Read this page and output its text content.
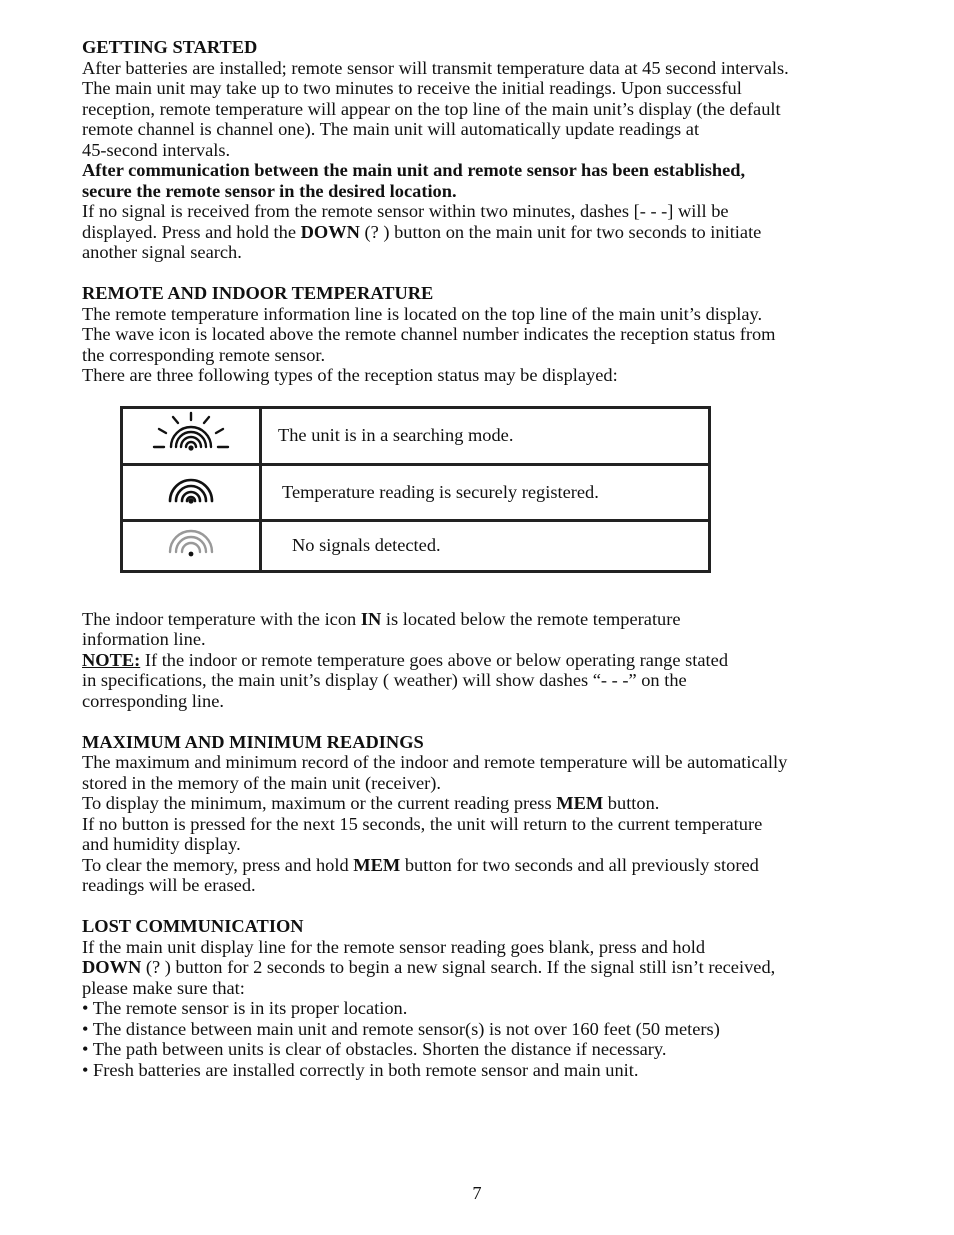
GETTING STARTED

After batteries are installed; remote sensor will transmit temperature data at 45 second intervals.

The main unit may take up to two minutes to receive the initial readings. Upon successful

reception, remote temperature will appear on the top line of the main unit’s display (the default

remote channel is channel one). The main unit will automatically update readings at

45-second intervals.

After communication between the main unit and remote sensor has been established,

secure the remote sensor in the desired location.

If no signal is received from the remote sensor within two minutes, dashes [- - -] will be

displayed. Press and hold the DOWN (? ) button on the main unit for two seconds to initiate

another signal search.

REMOTE AND INDOOR TEMPERATURE

The remote temperature information line is located on the top line of the main unit’s display.

The wave icon is located above the remote channel number indicates the reception status from

the corresponding remote sensor.

There are three following types of the reception status may be displayed:

	The unit is in a searching mode.
	Temperature reading is securely registered.
	No signals detected.

The indoor temperature with the icon IN is located below the remote temperature

information line.

NOTE: If the indoor or remote temperature goes above or below operating range stated

in specifications, the main unit’s display ( weather) will show dashes “- - -” on the

corresponding line.

MAXIMUM AND MINIMUM READINGS

The maximum and minimum record of the indoor and remote temperature will be automatically

stored in the memory of the main unit (receiver).

To display the minimum, maximum or the current reading press MEM button.

If no button is pressed for the next 15 seconds, the unit will return to the current temperature

and humidity display.

To clear the memory, press and hold MEM button for two seconds and all previously stored

readings will be erased.

LOST COMMUNICATION

If the main unit display line for the remote sensor reading goes blank, press and hold

DOWN (? ) button for 2 seconds to begin a new signal search. If the signal still isn’t received,

please make sure that:

• The remote sensor is in its proper location.

• The distance between main unit and remote sensor(s) is not over 160 feet (50 meters)

• The path between units is clear of obstacles. Shorten the distance if necessary.

• Fresh batteries are installed correctly in both remote sensor and main unit.

7
